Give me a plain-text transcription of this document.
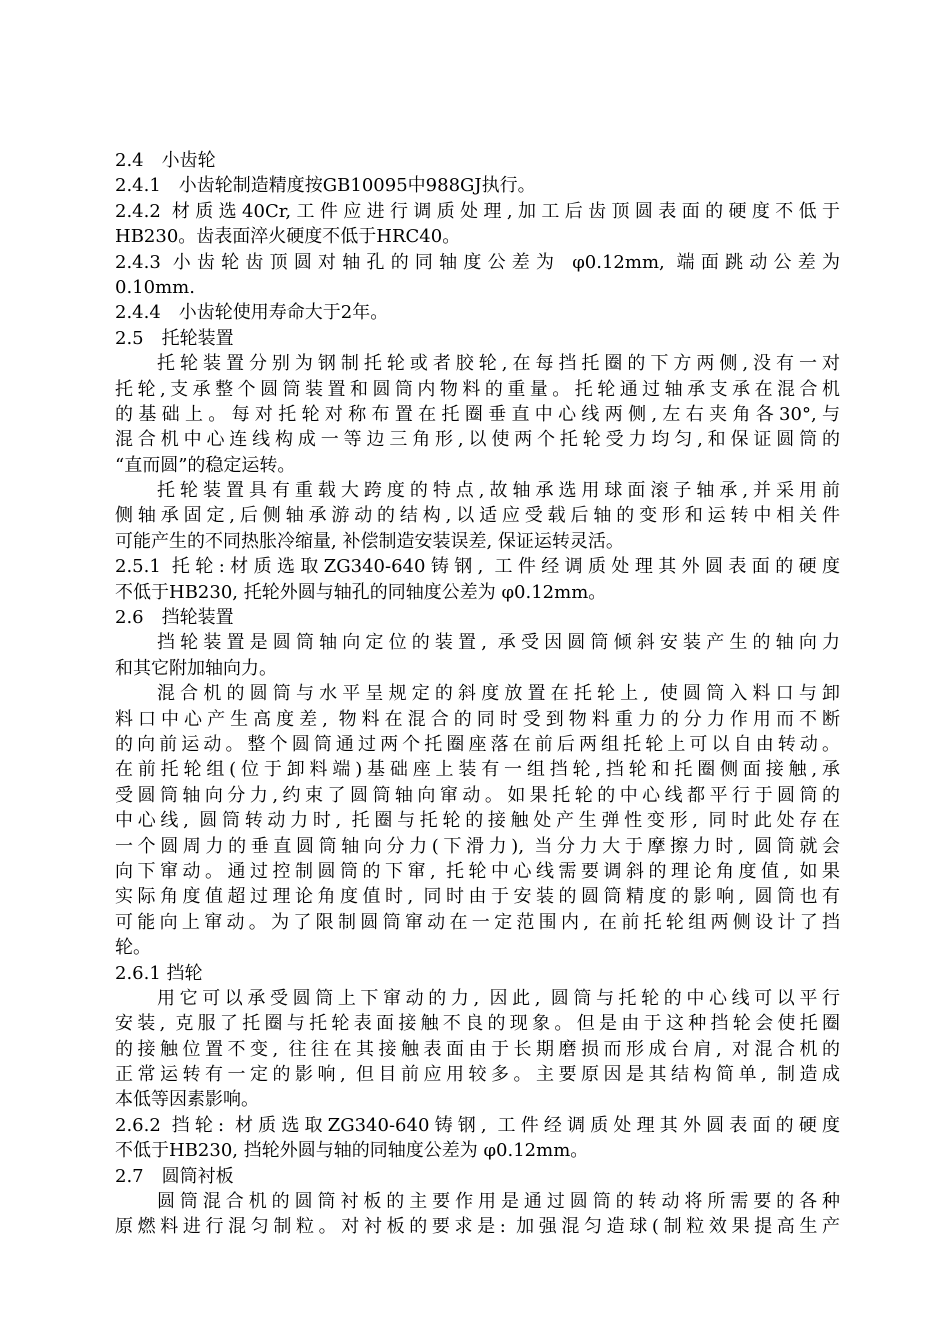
2.4　小齿轮
2.4.1　小齿轮制造精度按GB10095中988GJ执行。
2.4.2 材质选40Cr,工件应进行调质处理,加工后齿顶圆表面的硬度不低于
HB230。齿表面淬火硬度不低于HRC40。
2.4.3 小齿轮齿顶圆对轴孔的同轴度公差为 φ0.12mm, 端面跳动公差为
0.10mm.
2.4.4　小齿轮使用寿命大于2年。
2.5　托轮装置
托轮装置分别为钢制托轮或者胶轮,在每挡托圈的下方两侧,没有一对
托轮,支承整个圆筒装置和圆筒内物料的重量。托轮通过轴承支承在混合机
的基础上。每对托轮对称布置在托圈垂直中心线两侧,左右夹角各30°,与
混合机中心连线构成一等边三角形,以使两个托轮受力均匀,和保证圆筒的
“直而圆”的稳定运转。
托轮装置具有重载大跨度的特点,故轴承选用球面滚子轴承,并采用前
侧轴承固定,后侧轴承游动的结构,以适应受载后轴的变形和运转中相关件
可能产生的不同热胀冷缩量, 补偿制造安装误差, 保证运转灵活。
2.5.1 托轮:材质选取ZG340-640铸钢, 工件经调质处理其外圆表面的硬度
不低于HB230, 托轮外圆与轴孔的同轴度公差为 φ0.12mm。
2.6　挡轮装置
挡轮装置是圆筒轴向定位的装置, 承受因圆筒倾斜安装产生的轴向力
和其它附加轴向力。
混合机的圆筒与水平呈规定的斜度放置在托轮上, 使圆筒入料口与卸
料口中心产生高度差, 物料在混合的同时受到物料重力的分力作用而不断
的向前运动。整个圆筒通过两个托圈座落在前后两组托轮上可以自由转动。
在前托轮组(位于卸料端)基础座上装有一组挡轮,挡轮和托圈侧面接触,承
受圆筒轴向分力,约束了圆筒轴向窜动。如果托轮的中心线都平行于圆筒的
中心线, 圆筒转动力时, 托圈与托轮的接触处产生弹性变形, 同时此处存在
一个圆周力的垂直圆筒轴向分力(下滑力), 当分力大于摩擦力时, 圆筒就会
向下窜动。通过控制圆筒的下窜, 托轮中心线需要调斜的理论角度值, 如果
实际角度值超过理论角度值时, 同时由于安装的圆筒精度的影响, 圆筒也有
可能向上窜动。为了限制圆筒窜动在一定范围内, 在前托轮组两侧设计了挡
轮。
2.6.1 挡轮
用它可以承受圆筒上下窜动的力, 因此, 圆筒与托轮的中心线可以平行
安装, 克服了托圈与托轮表面接触不良的现象。但是由于这种挡轮会使托圈
的接触位置不变, 往往在其接触表面由于长期磨损而形成台肩, 对混合机的
正常运转有一定的影响, 但目前应用较多。主要原因是其结构简单, 制造成
本低等因素影响。
2.6.2 挡轮: 材质选取ZG340-640铸钢, 工件经调质处理其外圆表面的硬度
不低于HB230, 挡轮外圆与轴的同轴度公差为 φ0.12mm。
2.7　圆筒衬板
圆筒混合机的圆筒衬板的主要作用是通过圆筒的转动将所需要的各种
原燃料进行混匀制粒。对衬板的要求是: 加强混匀造球(制粒效果提高生产
